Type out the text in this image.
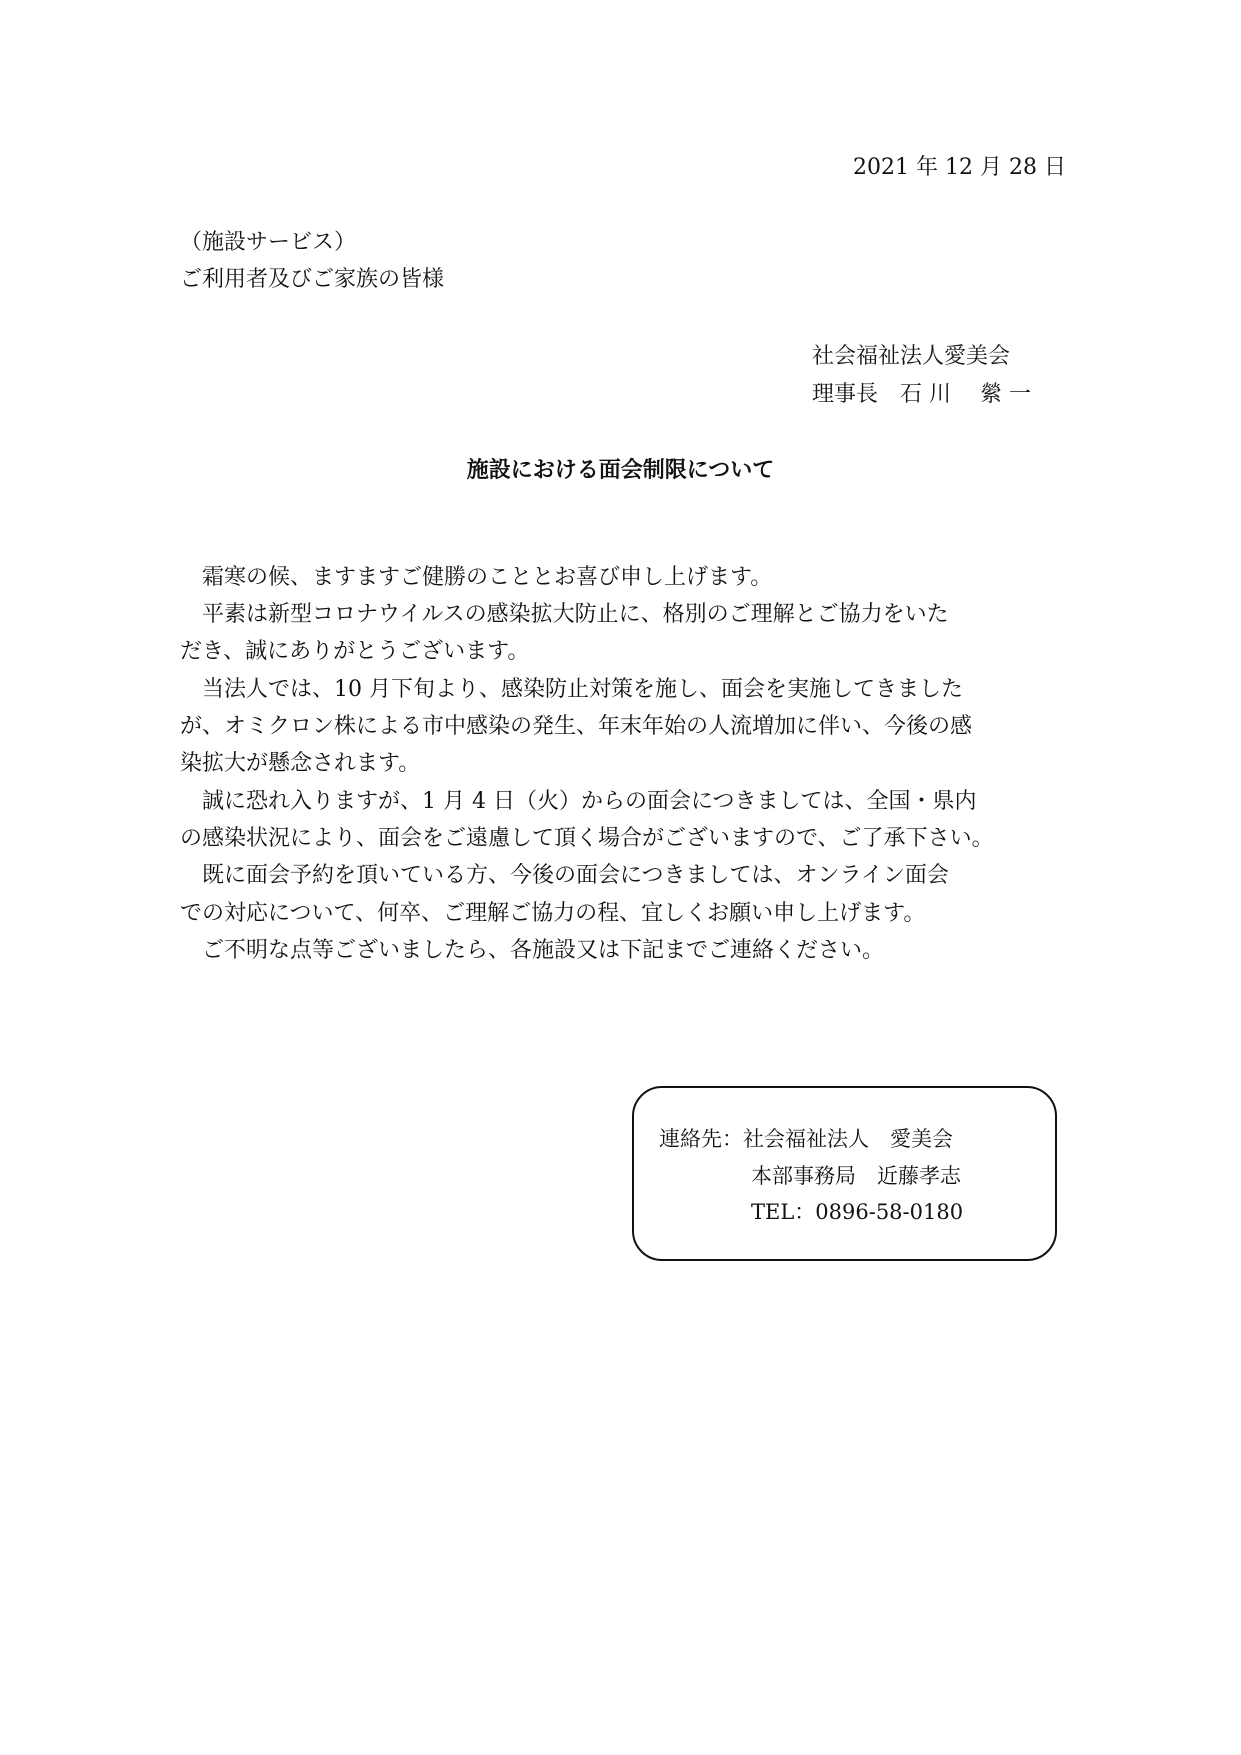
2021 年 12 月 28 日
（施設サービス）
ご利用者及びご家族の皆様
社会福祉法人愛美会
理事長　石 川　 縈 一
施設における面会制限について
　霜寒の候、ますますご健勝のこととお喜び申し上げます。
　平素は新型コロナウイルスの感染拡大防止に、格別のご理解とご協力をいた
だき、誠にありがとうございます。
　当法人では、10 月下旬より、感染防止対策を施し、面会を実施してきました
が、オミクロン株による市中感染の発生、年末年始の人流増加に伴い、今後の感
染拡大が懸念されます。
　誠に恐れ入りますが、1 月 4 日（火）からの面会につきましては、全国・県内
の感染状況により、面会をご遠慮して頂く場合がございますので、ご了承下さい。
　既に面会予約を頂いている方、今後の面会につきましては、オンライン面会
での対応について、何卒、ご理解ご協力の程、宜しくお願い申し上げます。
　ご不明な点等ございましたら、各施設又は下記までご連絡ください。
連絡先：社会福祉法人　愛美会
本部事務局　近藤孝志
TEL：0896-58-0180
